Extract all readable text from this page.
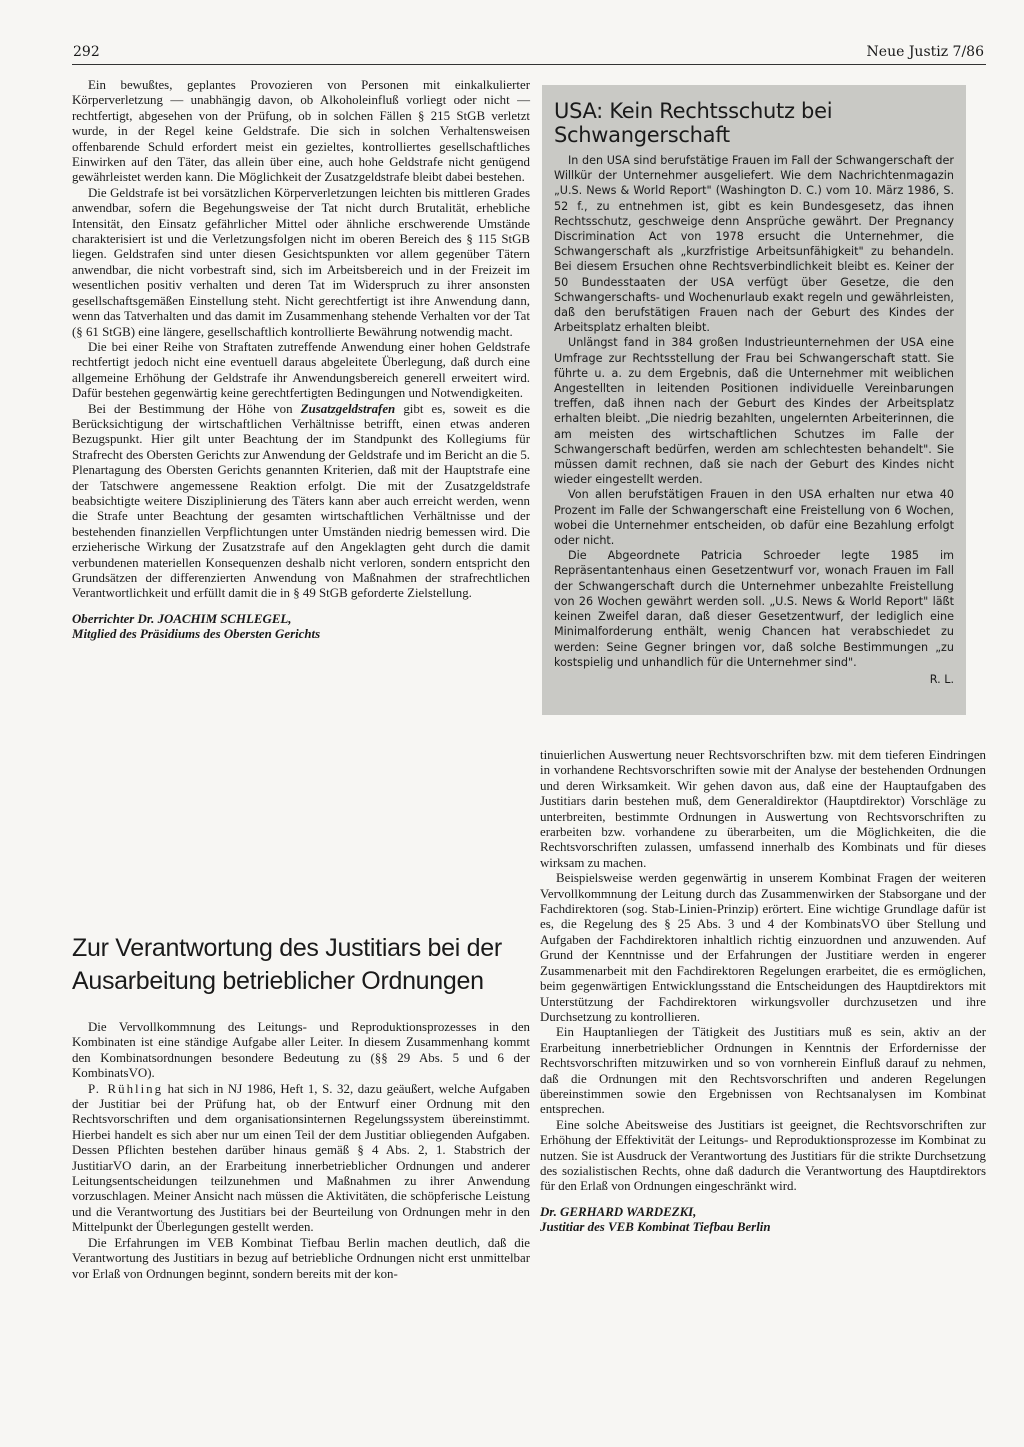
292	Neue Justiz 7/86

Ein bewußtes, geplantes Provozieren von Personen mit einkalkulierter Körperverletzung — unabhängig davon, ob Alkoholeinfluß vorliegt oder nicht — rechtfertigt, abgesehen von der Prüfung, ob in solchen Fällen § 215 StGB verletzt wurde, in der Regel keine Geldstrafe. Die sich in solchen Verhaltensweisen offenbarende Schuld erfordert meist ein gezieltes, kontrolliertes gesellschaftliches Einwirken auf den Täter, das allein über eine, auch hohe Geldstrafe nicht genügend gewährleistet werden kann. Die Möglichkeit der Zusatzgeldstrafe bleibt dabei bestehen.

Die Geldstrafe ist bei vorsätzlichen Körperverletzungen leichten bis mittleren Grades anwendbar, sofern die Begehungsweise der Tat nicht durch Brutalität, erhebliche Intensität, den Einsatz gefährlicher Mittel oder ähnliche erschwerende Umstände charakterisiert ist und die Verletzungsfolgen nicht im oberen Bereich des § 115 StGB liegen. Geldstrafen sind unter diesen Gesichtspunkten vor allem gegenüber Tätern anwendbar, die nicht vorbestraft sind, sich im Arbeitsbereich und in der Freizeit im wesentlichen positiv verhalten und deren Tat im Widerspruch zu ihrer ansonsten gesellschaftsgemäßen Einstellung steht. Nicht gerechtfertigt ist ihre Anwendung dann, wenn das Tatverhalten und das damit im Zusammenhang stehende Verhalten vor der Tat (§ 61 StGB) eine längere, gesellschaftlich kontrollierte Bewährung notwendig macht.

Die bei einer Reihe von Straftaten zutreffende Anwendung einer hohen Geldstrafe rechtfertigt jedoch nicht eine eventuell daraus abgeleitete Überlegung, daß durch eine allgemeine Erhöhung der Geldstrafe ihr Anwendungsbereich generell erweitert wird. Dafür bestehen gegenwärtig keine gerechtfertigten Bedingungen und Notwendigkeiten.

Bei der Bestimmung der Höhe von Zusatzgeldstrafen gibt es, soweit es die Berücksichtigung der wirtschaftlichen Verhältnisse betrifft, einen etwas anderen Bezugspunkt. Hier gilt unter Beachtung der im Standpunkt des Kollegiums für Strafrecht des Obersten Gerichts zur Anwendung der Geldstrafe und im Bericht an die 5. Plenartagung des Obersten Gerichts genannten Kriterien, daß mit der Hauptstrafe eine der Tatschwere angemessene Reaktion erfolgt. Die mit der Zusatzgeldstrafe beabsichtigte weitere Disziplinierung des Täters kann aber auch erreicht werden, wenn die Strafe unter Beachtung der gesamten wirtschaftlichen Verhältnisse und der bestehenden finanziellen Verpflichtungen unter Umständen niedrig bemessen wird. Die erzieherische Wirkung der Zusatzstrafe auf den Angeklagten geht durch die damit verbundenen materiellen Konsequenzen deshalb nicht verloren, sondern entspricht den Grundsätzen der differenzierten Anwendung von Maßnahmen der strafrechtlichen Verantwortlichkeit und erfüllt damit die in § 49 StGB geforderte Zielstellung.

Oberrichter Dr. JOACHIM SCHLEGEL,

Mitglied des Präsidiums des Obersten Gerichts

USA: Kein Rechtsschutz bei Schwangerschaft

In den USA sind berufstätige Frauen im Fall der Schwangerschaft der Willkür der Unternehmer ausgeliefert. Wie dem Nachrichtenmagazin „U.S. News & World Report" (Washington D. C.) vom 10. März 1986, S. 52 f., zu entnehmen ist, gibt es kein Bundesgesetz, das ihnen Rechtsschutz, geschweige denn Ansprüche gewährt. Der Pregnancy Discrimination Act von 1978 ersucht die Unternehmer, die Schwangerschaft als „kurzfristige Arbeitsunfähigkeit" zu behandeln. Bei diesem Ersuchen ohne Rechtsverbindlichkeit bleibt es. Keiner der 50 Bundesstaaten der USA verfügt über Gesetze, die den Schwangerschafts- und Wochenurlaub exakt regeln und gewährleisten, daß den berufstätigen Frauen nach der Geburt des Kindes der Arbeitsplatz erhalten bleibt.

Unlängst fand in 384 großen Industrieunternehmen der USA eine Umfrage zur Rechtsstellung der Frau bei Schwangerschaft statt. Sie führte u. a. zu dem Ergebnis, daß die Unternehmer mit weiblichen Angestellten in leitenden Positionen individuelle Vereinbarungen treffen, daß ihnen nach der Geburt des Kindes der Arbeitsplatz erhalten bleibt. „Die niedrig bezahlten, ungelernten Arbeiterinnen, die am meisten des wirtschaftlichen Schutzes im Falle der Schwangerschaft bedürfen, werden am schlechtesten behandelt". Sie müssen damit rechnen, daß sie nach der Geburt des Kindes nicht wieder eingestellt werden.

Von allen berufstätigen Frauen in den USA erhalten nur etwa 40 Prozent im Falle der Schwangerschaft eine Freistellung von 6 Wochen, wobei die Unternehmer entscheiden, ob dafür eine Bezahlung erfolgt oder nicht.

Die Abgeordnete Patricia Schroeder legte 1985 im Repräsentantenhaus einen Gesetzentwurf vor, wonach Frauen im Fall der Schwangerschaft durch die Unternehmer unbezahlte Freistellung von 26 Wochen gewährt werden soll. „U.S. News & World Report" läßt keinen Zweifel daran, daß dieser Gesetzentwurf, der lediglich eine Minimalforderung enthält, wenig Chancen hat verabschiedet zu werden: Seine Gegner bringen vor, daß solche Bestimmungen „zu kostspielig und unhandlich für die Unternehmer sind".

R. L.

Zur Verantwortung des Justitiars bei der
Ausarbeitung betrieblicher Ordnungen

Die Vervollkommnung des Leitungs- und Reproduktionsprozesses in den Kombinaten ist eine ständige Aufgabe aller Leiter. In diesem Zusammenhang kommt den Kombinatsordnungen besondere Bedeutung zu (§§ 29 Abs. 5 und 6 der KombinatsVO).

P. Rühling hat sich in NJ 1986, Heft 1, S. 32, dazu geäußert, welche Aufgaben der Justitiar bei der Prüfung hat, ob der Entwurf einer Ordnung mit den Rechtsvorschriften und dem organisationsinternen Regelungssystem übereinstimmt. Hierbei handelt es sich aber nur um einen Teil der dem Justitiar obliegenden Aufgaben. Dessen Pflichten bestehen darüber hinaus gemäß § 4 Abs. 2, 1. Stabstrich der JustitiarVO darin, an der Erarbeitung innerbetrieblicher Ordnungen und anderer Leitungsentscheidungen teilzunehmen und Maßnahmen zu ihrer Anwendung vorzuschlagen. Meiner Ansicht nach müssen die Aktivitäten, die schöpferische Leistung und die Verantwortung des Justitiars bei der Beurteilung von Ordnungen mehr in den Mittelpunkt der Überlegungen gestellt werden.

Die Erfahrungen im VEB Kombinat Tiefbau Berlin machen deutlich, daß die Verantwortung des Justitiars in bezug auf betriebliche Ordnungen nicht erst unmittelbar vor Erlaß von Ordnungen beginnt, sondern bereits mit der kon-

tinuierlichen Auswertung neuer Rechtsvorschriften bzw. mit dem tieferen Eindringen in vorhandene Rechtsvorschriften sowie mit der Analyse der bestehenden Ordnungen und deren Wirksamkeit. Wir gehen davon aus, daß eine der Hauptaufgaben des Justitiars darin bestehen muß, dem Generaldirektor (Hauptdirektor) Vorschläge zu unterbreiten, bestimmte Ordnungen in Auswertung von Rechtsvorschriften zu erarbeiten bzw. vorhandene zu überarbeiten, um die Möglichkeiten, die die Rechtsvorschriften zulassen, umfassend innerhalb des Kombinats und für dieses wirksam zu machen.

Beispielsweise werden gegenwärtig in unserem Kombinat Fragen der weiteren Vervollkommnung der Leitung durch das Zusammenwirken der Stabsorgane und der Fachdirektoren (sog. Stab-Linien-Prinzip) erörtert. Eine wichtige Grundlage dafür ist es, die Regelung des § 25 Abs. 3 und 4 der KombinatsVO über Stellung und Aufgaben der Fachdirektoren inhaltlich richtig einzuordnen und anzuwenden. Auf Grund der Kenntnisse und der Erfahrungen der Justitiare werden in engerer Zusammenarbeit mit den Fachdirektoren Regelungen erarbeitet, die es ermöglichen, beim gegenwärtigen Entwicklungsstand die Entscheidungen des Hauptdirektors mit Unterstützung der Fachdirektoren wirkungsvoller durchzusetzen und ihre Durchsetzung zu kontrollieren.

Ein Hauptanliegen der Tätigkeit des Justitiars muß es sein, aktiv an der Erarbeitung innerbetrieblicher Ordnungen in Kenntnis der Erfordernisse der Rechtsvorschriften mitzuwirken und so von vornherein Einfluß darauf zu nehmen, daß die Ordnungen mit den Rechtsvorschriften und anderen Regelungen übereinstimmen sowie den Ergebnissen von Rechtsanalysen im Kombinat entsprechen.

Eine solche Abeitsweise des Justitiars ist geeignet, die Rechtsvorschriften zur Erhöhung der Effektivität der Leitungs- und Reproduktionsprozesse im Kombinat zu nutzen. Sie ist Ausdruck der Verantwortung des Justitiars für die strikte Durchsetzung des sozialistischen Rechts, ohne daß dadurch die Verantwortung des Hauptdirektors für den Erlaß von Ordnungen eingeschränkt wird.

Dr. GERHARD WARDEZKI,

Justitiar des VEB Kombinat Tiefbau Berlin
